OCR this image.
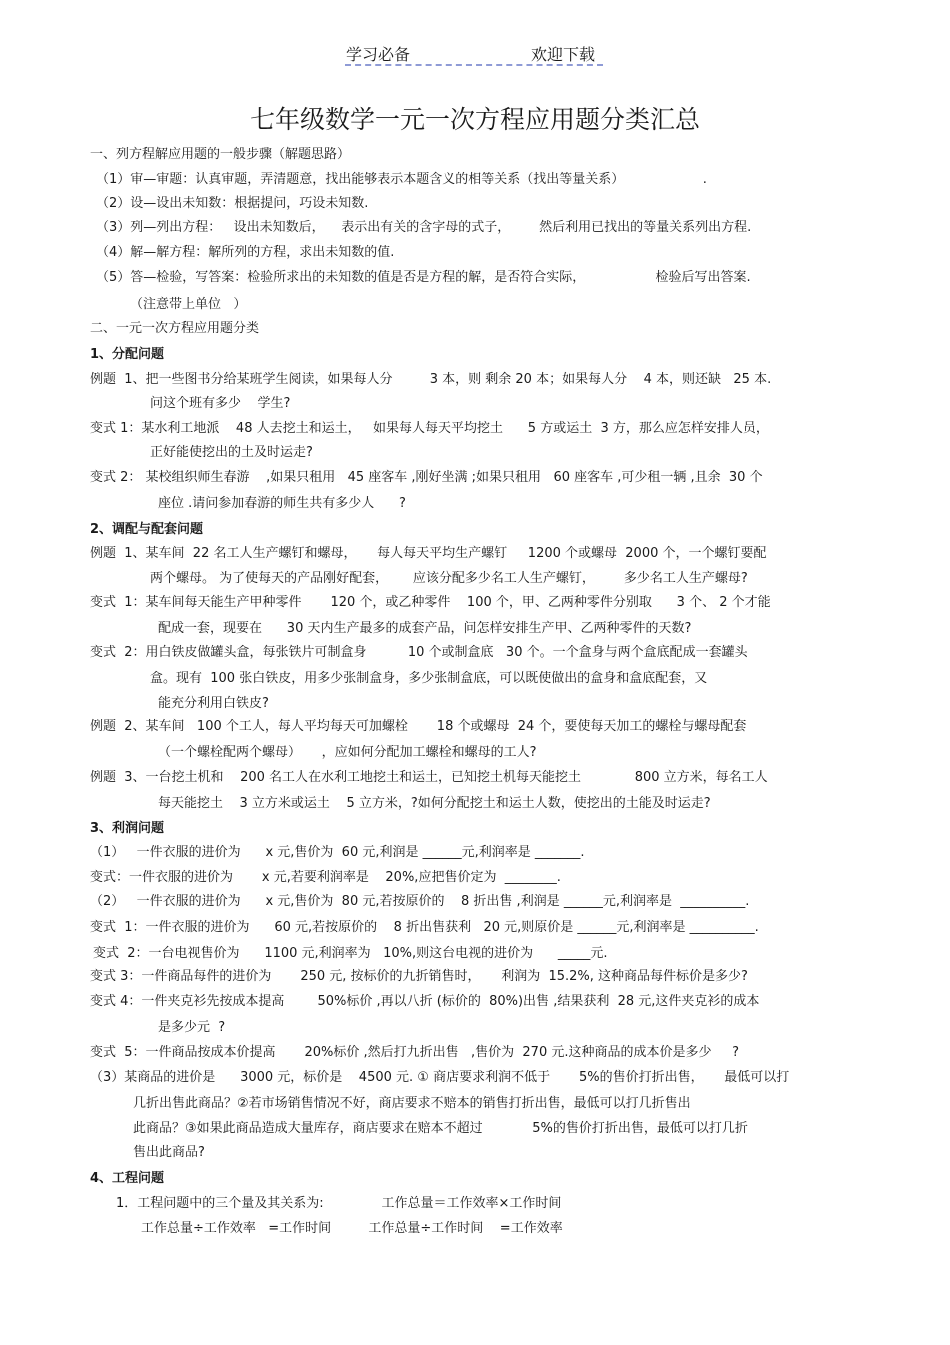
学习必备	欢迎下载
七年级数学一元一次方程应用题分类汇总
一、列方程解应用题的一般步骤（解题思路）
（1）审—审题：认真审题，弄清题意，找出能够表示本题含义的相等关系（找出等量关系）                   .
（2）设—设出未知数：根据提问，巧设未知数.
（3）列—列出方程：   设出未知数后，    表示出有关的含字母的式子，       然后利用已找出的等量关系列出方程.
（4）解—解方程：解所列的方程，求出未知数的值.
（5）答—检验，写答案：检验所求出的未知数的值是否是方程的解，是否符合实际，                 检验后写出答案.
（注意带上单位   ）
二、一元一次方程应用题分类
1、分配问题
例题  1、把一些图书分给某班学生阅读，如果每人分         3 本，则 剩余 20 本；如果每人分    4 本，则还缺   25 本.
问这个班有多少    学生?
变式 1：某水利工地派    48 人去挖土和运土，   如果每人每天平均挖土      5 方或运土  3 方，那么应怎样安排人员，
正好能使挖出的土及时运走?
变式 2： 某校组织师生春游    ,如果只租用   45 座客车 ,刚好坐满 ;如果只租用   60 座客车 ,可少租一辆 ,且余  30 个
座位 .请问参加春游的师生共有多少人      ?
2、调配与配套问题
例题  1、某车间  22 名工人生产螺钉和螺母，     每人每天平均生产螺钉     1200 个或螺母  2000 个，一个螺钉要配
两个螺母。 为了使每天的产品刚好配套，      应该分配多少名工人生产螺钉，       多少名工人生产螺母?
变式  1：某车间每天能生产甲种零件       120 个，或乙种零件    100 个，甲、乙两种零件分别取      3 个、 2 个才能
配成一套，现要在      30 天内生产最多的成套产品，问怎样安排生产甲、乙两种零件的天数?
变式  2：用白铁皮做罐头盒，每张铁片可制盒身          10 个或制盒底   30 个。一个盒身与两个盒底配成一套罐头
盒。现有  100 张白铁皮，用多少张制盒身，多少张制盒底，可以既使做出的盒身和盒底配套，又
能充分利用白铁皮?
例题  2、某车间   100 个工人，每人平均每天可加螺栓       18 个或螺母  24 个，要使每天加工的螺栓与螺母配套
（一个螺栓配两个螺母）     ，应如何分配加工螺栓和螺母的工人?
例题  3、一台挖土机和    200 名工人在水利工地挖土和运土，已知挖土机每天能挖土             800 立方米，每名工人
每天能挖土    3 立方米或运土    5 立方米，?如何分配挖土和运土人数，使挖出的土能及时运走?
3、利润问题
（1）   一件衣服的进价为      x 元,售价为  60 元,利润是 ______元,利润率是 _______.
变式：一件衣服的进价为       x 元,若要利润率是    20%,应把售价定为  ________.
（2）   一件衣服的进价为      x 元,售价为  80 元,若按原价的    8 折出售 ,利润是 ______元,利润率是  __________.
变式  1：一件衣服的进价为      60 元,若按原价的    8 折出售获利   20 元,则原价是 ______元,利润率是 __________.
变式  2：一台电视售价为      1100 元,利润率为   10%,则这台电视的进价为      _____元.
变式 3：一件商品每件的进价为       250 元, 按标价的九折销售时，     利润为  15.2%, 这种商品每件标价是多少?
变式 4：一件夹克衫先按成本提高        50%标价 ,再以八折 (标价的  80%)出售 ,结果获利  28 元,这件夹克衫的成本
是多少元  ?
变式  5：一件商品按成本价提高       20%标价 ,然后打九折出售   ,售价为  270 元.这种商品的成本价是多少     ?
（3）某商品的进价是      3000 元，标价是    4500 元. ① 商店要求利润不低于       5%的售价打折出售，     最低可以打
几折出售此商品？②若市场销售情况不好，商店要求不赔本的销售打折出售，最低可以打几折售出
此商品？③如果此商品造成大量库存，商店要求在赔本不超过            5%的售价打折出售，最低可以打几折
售出此商品?
4、工程问题
1．工程问题中的三个量及其关系为:              工作总量＝工作效率×工作时间
工作总量÷工作效率   =工作时间         工作总量÷工作时间    =工作效率
